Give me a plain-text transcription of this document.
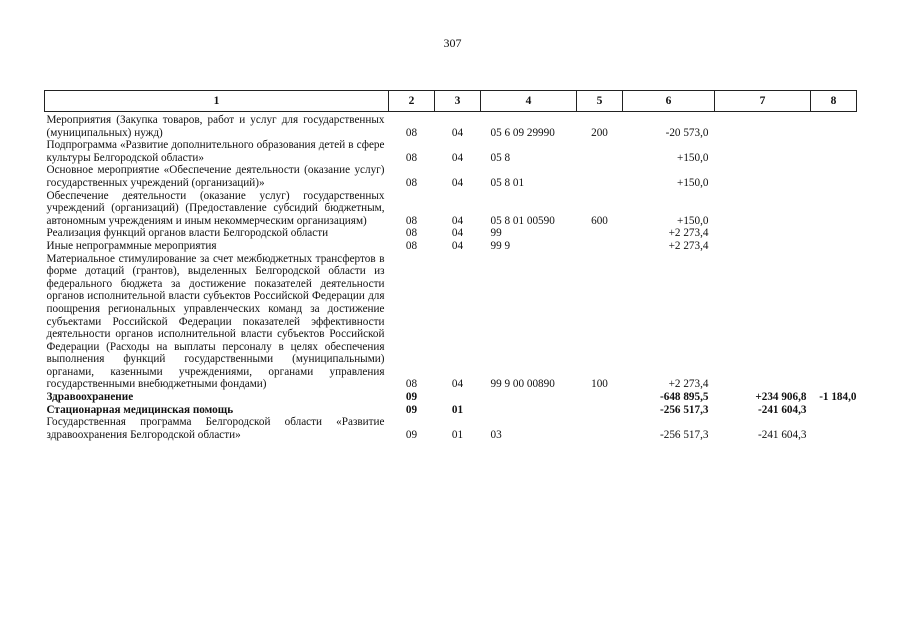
307
1	2	3	4	5	6	7	8
Мероприятия (Закупка товаров, работ и услуг для государственных (муниципальных) нужд)	08	04	05 6 09 29990	200	-20 573,0		
Подпрограмма «Развитие дополнительного образования детей в сфере культуры Белгородской области»	08	04	05 8		+150,0		
Основное мероприятие «Обеспечение деятельности (оказание услуг) государственных учреждений (организаций)»	08	04	05 8 01		+150,0		
Обеспечение деятельности (оказание услуг) государственных учреждений (организаций) (Предоставление субсидий бюджетным, автономным учреждениям и иным некоммерческим организациям)	08	04	05 8 01 00590	600	+150,0		
Реализация функций органов власти Белгородской области	08	04	99		+2 273,4		
Иные непрограммные мероприятия	08	04	99 9		+2 273,4		
Материальное стимулирование за счет межбюджетных трансфертов в форме дотаций (грантов), выделенных Белгородской области из федерального бюджета за достижение показателей деятельности органов исполнительной власти субъектов Российской Федерации для поощрения региональных управленческих команд за достижение субъектами Российской Федерации показателей эффективности деятельности органов исполнительной власти субъектов Российской Федерации (Расходы на выплаты персоналу в целях обеспечения выполнения функций государственными (муниципальными) органами, казенными учреждениями, органами управления государственными внебюджетными фондами)	08	04	99 9 00 00890	100	+2 273,4		
Здравоохранение	09				-648 895,5	+234 906,8	-1 184,0
Стационарная медицинская помощь	09	01			-256 517,3	-241 604,3	
Государственная программа Белгородской области «Развитие здравоохранения Белгородской области»	09	01	03		-256 517,3	-241 604,3	
